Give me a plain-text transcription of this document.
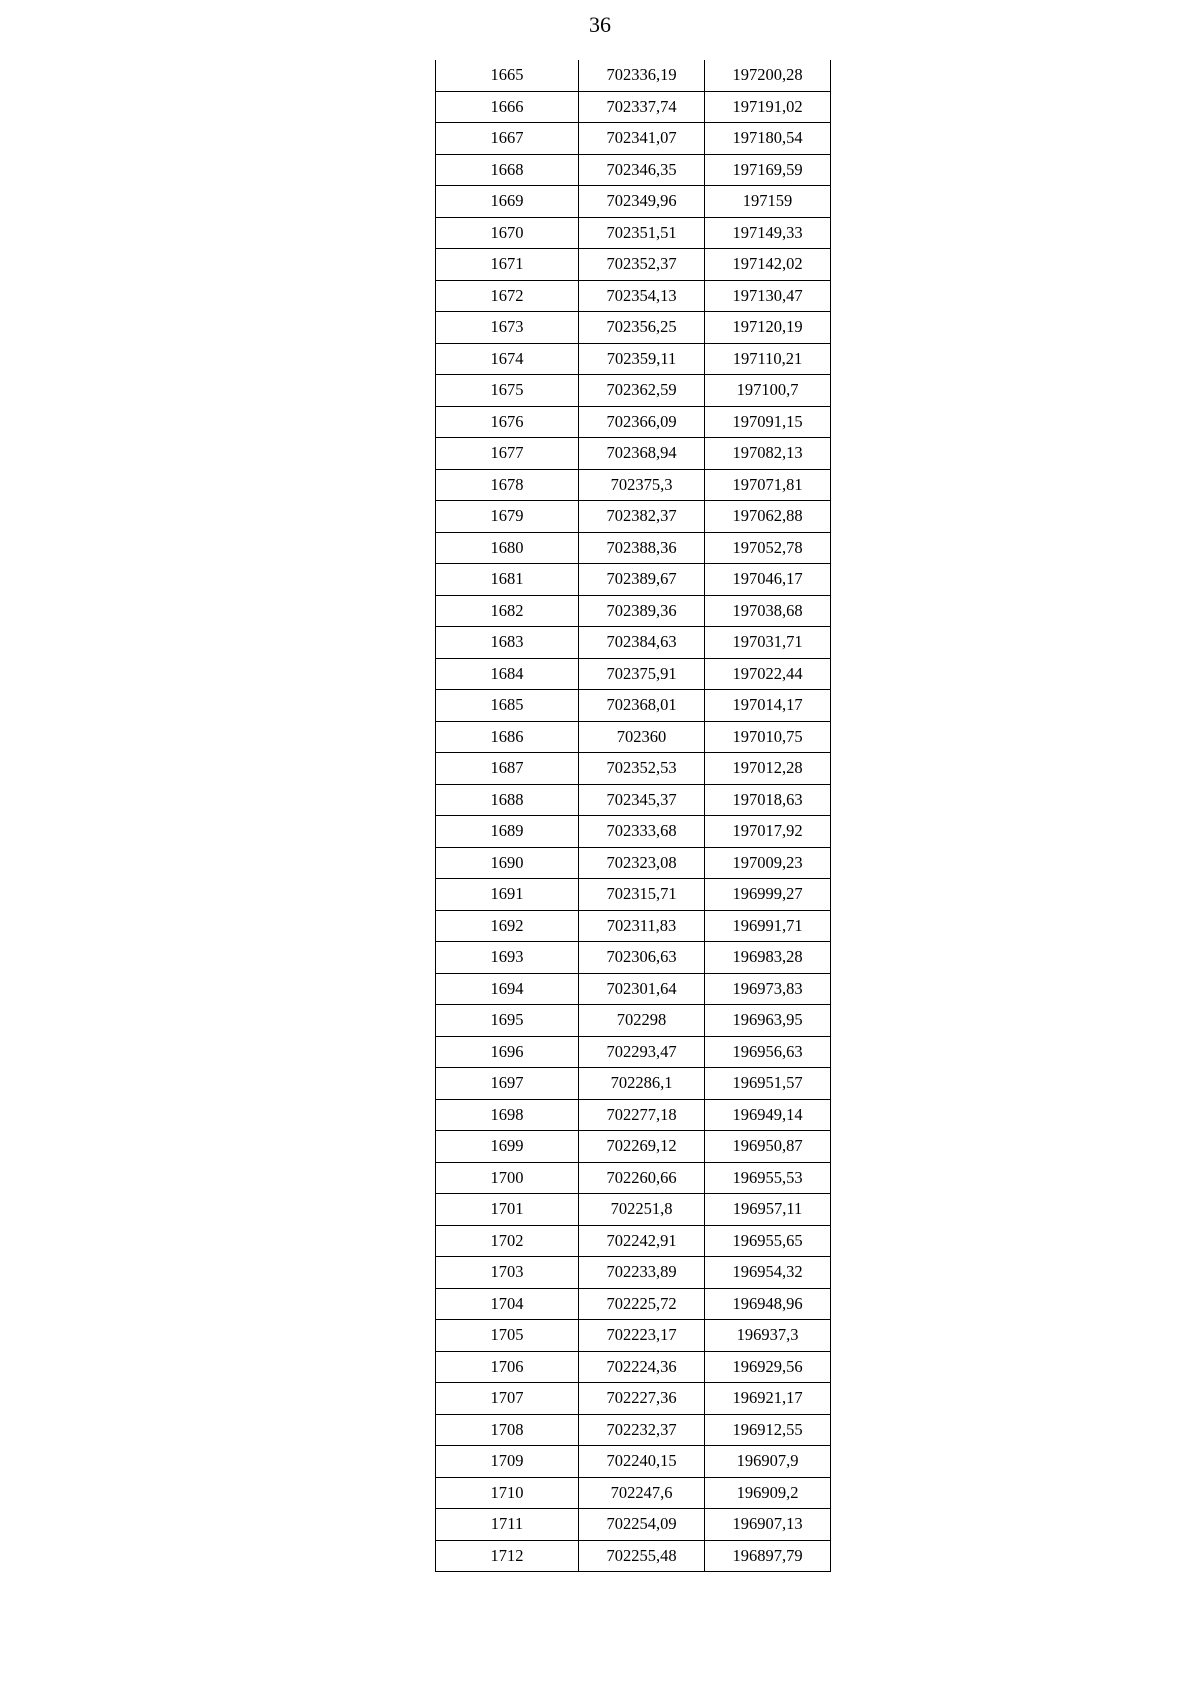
36
1665	702336,19	197200,28
1666	702337,74	197191,02
1667	702341,07	197180,54
1668	702346,35	197169,59
1669	702349,96	197159
1670	702351,51	197149,33
1671	702352,37	197142,02
1672	702354,13	197130,47
1673	702356,25	197120,19
1674	702359,11	197110,21
1675	702362,59	197100,7
1676	702366,09	197091,15
1677	702368,94	197082,13
1678	702375,3	197071,81
1679	702382,37	197062,88
1680	702388,36	197052,78
1681	702389,67	197046,17
1682	702389,36	197038,68
1683	702384,63	197031,71
1684	702375,91	197022,44
1685	702368,01	197014,17
1686	702360	197010,75
1687	702352,53	197012,28
1688	702345,37	197018,63
1689	702333,68	197017,92
1690	702323,08	197009,23
1691	702315,71	196999,27
1692	702311,83	196991,71
1693	702306,63	196983,28
1694	702301,64	196973,83
1695	702298	196963,95
1696	702293,47	196956,63
1697	702286,1	196951,57
1698	702277,18	196949,14
1699	702269,12	196950,87
1700	702260,66	196955,53
1701	702251,8	196957,11
1702	702242,91	196955,65
1703	702233,89	196954,32
1704	702225,72	196948,96
1705	702223,17	196937,3
1706	702224,36	196929,56
1707	702227,36	196921,17
1708	702232,37	196912,55
1709	702240,15	196907,9
1710	702247,6	196909,2
1711	702254,09	196907,13
1712	702255,48	196897,79
